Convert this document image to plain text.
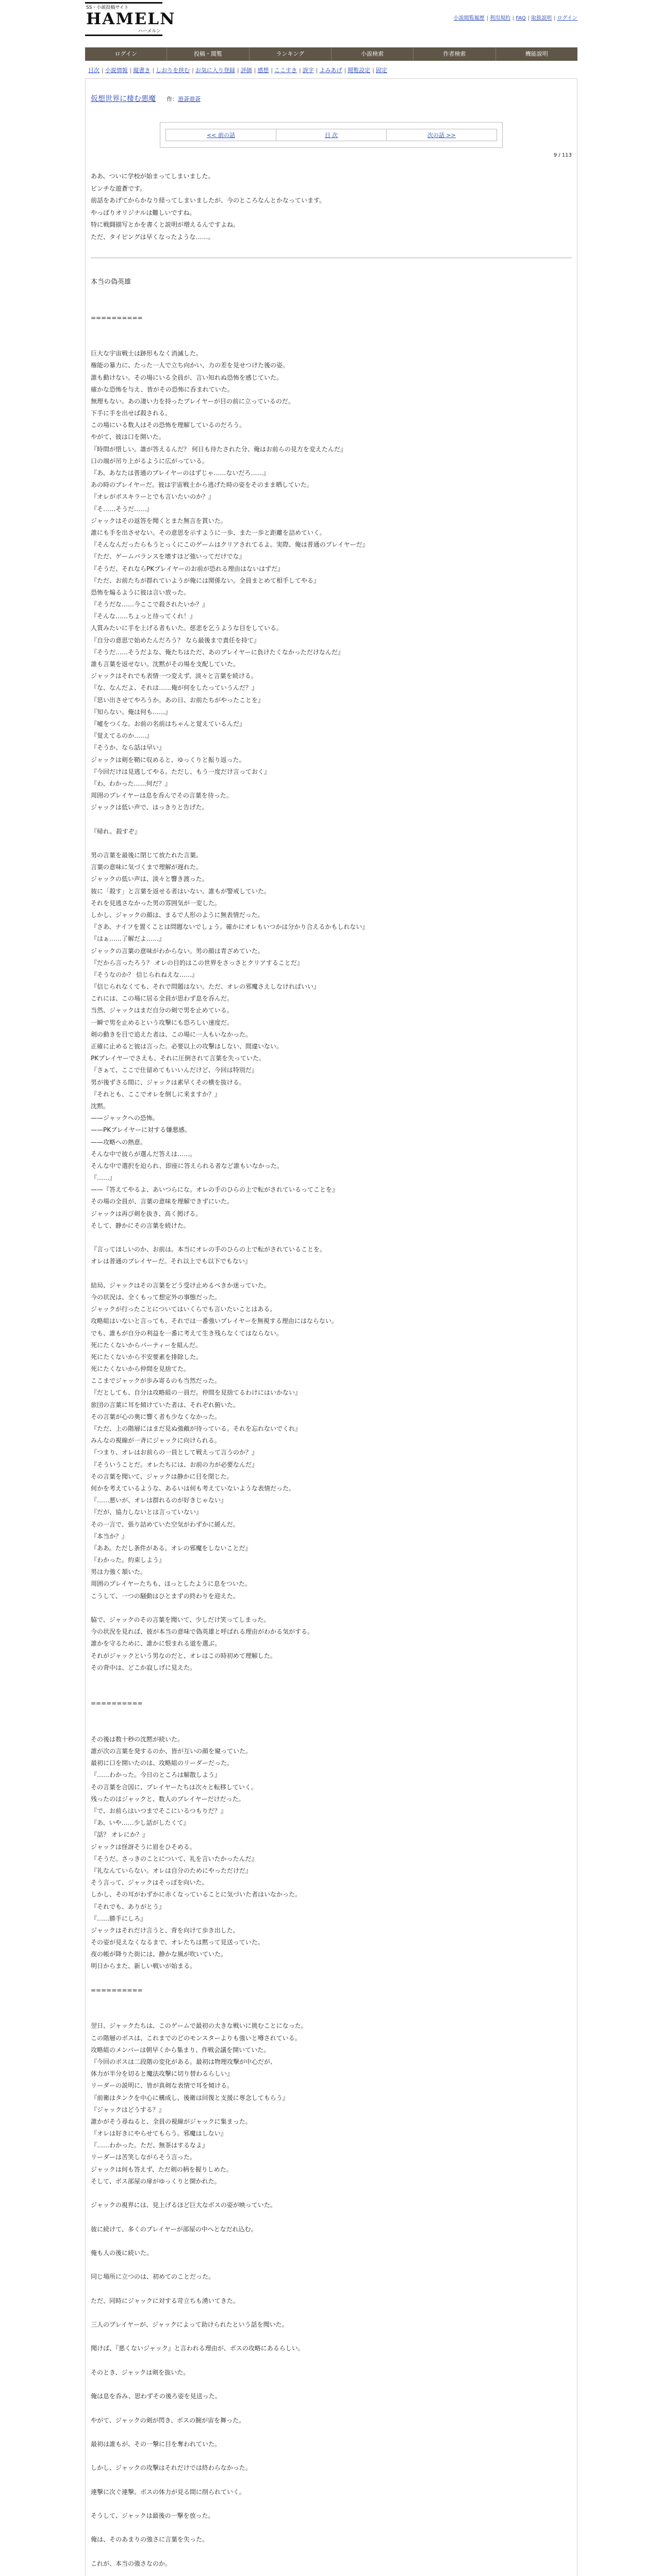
SS・小説投稿サイト
HAMELN
ハーメルン
小説閲覧履歴 | 利用規約 | FAQ | 取扱説明 | ログイン
ログイン	投稿・閲覧	ランキング	小説検索	作者検索	機能説明
目次 | 小説情報 | 縦書き | しおりを挟む | お気に入り登録 | 評価 | 感想 | ここすき | 誤字 | よみあげ | 閲覧設定 | 固定
仮想世界に棲む悪魔 作：遊蒼遊蒼
<< 前の話	目 次	次の話 >>
9 / 113
ああ、ついに学校が始まってしまいました。
ピンチな遊蒼です。
前話をあげてからかなり経ってしまいましたが、今のところなんとかなっています。
やっぱりオリジナルは難しいですね。
特に戦闘描写とかを書くと説明が増えるんですよね。
ただ、タイピングは早くなったような……。
本当の偽英雄
==========
巨大な宇宙戦士は跡形もなく消滅した。
権能の暴力に、たった一人で立ち向かい、力の差を見せつけた後の姿。
誰も動けない。その場にいる全員が、言い知れぬ恐怖を感じていた。
確かな恐怖を与え、皆がその恐怖に呑まれていた。
無理もない。あの凄い力を持ったプレイヤーが目の前に立っているのだ。
下手に手を出せば殺される。
この場にいる数人はその恐怖を理解しているのだろう。
やがて、彼は口を開いた。
『時間が惜しい。誰が答えるんだ？ 何日も待たされた分、俺はお前らの見方を変えたんだ』
口の端が吊り上がるように広がっている。
『あ、あなたは普通のプレイヤーのはずじゃ……ないだろ……』
あの時のプレイヤーだ。彼は宇宙戦士から逃げた時の姿をそのまま晒していた。
『オレがボスキラーとでも言いたいのか？』
『そ……そうだ……』
ジャックはその返答を聞くとまた無言を貫いた。
誰にも手を出させない。その意思を示すように一歩、また一歩と距離を詰めていく。
『そんなんだったらもうとっくにこのゲームはクリアされてるよ。実際、俺は普通のプレイヤーだ』
『ただ、ゲームバランスを壊すほど強いってだけでな』
『そうだ、それならPKプレイヤーのお前が恐れる理由はないはずだ』
『ただ、お前たちが群れていようが俺には関係ない。全員まとめて相手してやる』
恐怖を煽るように彼は言い放った。
『そうだな……今ここで殺されたいか？』
『そんな……ちょっと待ってくれ！』
人質みたいに手を上げる者もいた。慈悲を乞うような目をしている。
『自分の意思で始めたんだろう？ なら最後まで責任を持て』
『そうだ……そうだよな、俺たちはただ、あのプレイヤーに負けたくなかっただけなんだ』
誰も言葉を返せない。沈黙がその場を支配していた。
ジャックはそれでも表情一つ変えず、淡々と言葉を続ける。
『な、なんだよ、それは……俺が何をしたっていうんだ？』
『思い出させてやろうか。あの日、お前たちがやったことを』
『知らない。俺は何も……』
『嘘をつくな。お前の名前はちゃんと覚えているんだ』
『覚えてるのか……』
『そうか、なら話は早い』
ジャックは剣を鞘に収めると、ゆっくりと振り返った。
『今回だけは見逃してやる。ただし、もう一度だけ言っておく』
『わ、わかった……何だ？』
周囲のプレイヤーは息を呑んでその言葉を待った。
ジャックは低い声で、はっきりと告げた。
『帰れ。殺すぞ』
男の言葉を最後に閉じて放たれた言葉。
言葉の意味に気づくまで理解が遅れた。
ジャックの低い声は、淡々と響き渡った。
彼に「殺す」と言葉を返せる者はいない。誰もが警戒していた。
それを見逃さなかった男の雰囲気が一変した。
しかし、ジャックの顔は、まるで人形のように無表情だった。
『さあ、ナイフを置くことは問題ないでしょう。確かにオレもいつかは分かり合えるかもしれない』
『はぁ……了解だよ……』
ジャックの言葉の意味がわからない。男の顔は青ざめていた。
『だから言ったろう？ オレの目的はこの世界をさっさとクリアすることだ』
『そうなのか？ 信じられねえな……』
『信じられなくても、それで問題はない。ただ、オレの邪魔さえしなければいい』
これには、この場に居る全員が思わず息を呑んだ。
当然、ジャックはまだ自分の剣で男を止めている。
一瞬で男を止めるという攻撃にも恐ろしい速度だ。
剣の動きを目で追えた者は、この場に一人もいなかった。
正確に止めると彼は言った。必要以上の攻撃はしない、間違いない。
PKプレイヤーでさえも、それに圧倒されて言葉を失っていた。
『さぁて、ここで仕留めてもいいんだけど、今回は特別だ』
男が後ずさる間に、ジャックは素早くその横を抜ける。
『それとも、ここでオレを倒しに来ますか？』
沈黙。
——ジャックへの恐怖。
——PKプレイヤーに対する嫌悪感。
——攻略への熱意。
そんな中で彼らが選んだ答えは……。
そんな中で選択を迫られ、即座に答えられる者など誰もいなかった。
『……』
——『答えてやるよ、あいつらにな。オレの手のひらの上で転がされているってことを』
その場の全員が、言葉の意味を理解できずにいた。
ジャックは再び剣を抜き、高く掲げる。
そして、静かにその言葉を続けた。
『言ってほしいのか、お前は。本当にオレの手のひらの上で転がされていることを。
オレは普通のプレイヤーだ。それ以上でも以下でもない』
結局、ジャックはその言葉をどう受け止めるべきか迷っていた。
今の状況は、全くもって想定外の事態だった。
ジャックが行ったことについてはいくらでも言いたいことはある。
攻略組はいないと言っても、それでは一番強いプレイヤーを無視する理由にはならない。
でも、誰もが自分の利益を一番に考えて生き残らなくてはならない。
死にたくないからパーティーを組んだ。
死にたくないから不安要素を排除した。
死にたくないから仲間を見捨てた。
ここまでジャックが歩み寄るのも当然だった。
『だとしても、自分は攻略組の一員だ。仲間を見捨てるわけにはいかない』
旅団の言葉に耳を傾けていた者は、それぞれ俯いた。
その言葉が心の奥に響く者も少なくなかった。
『ただ、上の階層にはまだ見ぬ強敵が待っている。それを忘れないでくれ』
みんなの視線が一斉にジャックに向けられる。
『つまり、オレはお前らの一員として戦えって言うのか？』
『そういうことだ。オレたちには、お前の力が必要なんだ』
その言葉を聞いて、ジャックは静かに目を閉じた。
何かを考えているような、あるいは何も考えていないような表情だった。
『……悪いが、オレは群れるのが好きじゃない』
『だが、協力しないとは言っていない』
その一言で、張り詰めていた空気がわずかに緩んだ。
『本当か？』
『ああ。ただし条件がある。オレの邪魔をしないことだ』
『わかった。約束しよう』
男は力強く頷いた。
周囲のプレイヤーたちも、ほっとしたように息をついた。
こうして、一つの騒動はひとまずの終わりを迎えた。
脇で、ジャックのその言葉を聞いて、少しだけ笑ってしまった。
今の状況を見れば、彼が本当の意味で偽英雄と呼ばれる理由がわかる気がする。
誰かを守るために、誰かに恨まれる道を選ぶ。
それがジャックという男なのだと、オレはこの時初めて理解した。
その背中は、どこか寂しげに見えた。
==========
その後は数十秒の沈黙が続いた。
誰が次の言葉を発するのか、皆が互いの顔を窺っていた。
最初に口を開いたのは、攻略組のリーダーだった。
『……わかった。今日のところは解散しよう』
その言葉を合図に、プレイヤーたちは次々と転移していく。
残ったのはジャックと、数人のプレイヤーだけだった。
『で、お前らはいつまでそこにいるつもりだ？』
『あ、いや……少し話がしたくて』
『話？ オレにか？』
ジャックは怪訝そうに眉をひそめる。
『そうだ。さっきのことについて、礼を言いたかったんだ』
『礼なんていらない。オレは自分のためにやっただけだ』
そう言って、ジャックはそっぽを向いた。
しかし、その耳がわずかに赤くなっていることに気づいた者はいなかった。
『それでも、ありがとう』
『……勝手にしろ』
ジャックはそれだけ言うと、背を向けて歩き出した。
その姿が見えなくなるまで、オレたちは黙って見送っていた。
夜の帳が降りた街には、静かな風が吹いていた。
明日からまた、新しい戦いが始まる。
==========
翌日、ジャックたちは、このゲームで最初の大きな戦いに挑むことになった。
この階層のボスは、これまでのどのモンスターよりも強いと噂されている。
攻略組のメンバーは朝早くから集まり、作戦会議を開いていた。
『今回のボスは二段階の変化がある。最初は物理攻撃が中心だが、
体力が半分を切ると魔法攻撃に切り替わるらしい』
リーダーの説明に、皆が真剣な表情で耳を傾ける。
『前衛はタンクを中心に構成し、後衛は回復と支援に専念してもらう』
『ジャックはどうする？』
誰かがそう尋ねると、全員の視線がジャックに集まった。
『オレは好きにやらせてもらう。邪魔はしない』
『……わかった。ただ、無茶はするなよ』
リーダーは苦笑しながらそう言った。
ジャックは何も答えず、ただ剣の柄を握りしめた。
そして、ボス部屋の扉がゆっくりと開かれた。
ジャックの視界には、見上げるほど巨大なボスの姿が映っていた。
彼に続けて、多くのプレイヤーが部屋の中へとなだれ込む。
俺も人の後に続いた。
同じ場所に立つのは、初めてのことだった。
ただ、同時にジャックに対する苛立ちも湧いてきた。
三人のプレイヤーが、ジャックによって助けられたという話を聞いた。
聞けば、『悪くないジャック』と言われる理由が、ボスの攻略にあるらしい。
そのとき、ジャックは剣を抜いた。
俺は息を呑み、思わずその後ろ姿を見送った。
やがて、ジャックの剣が閃き、ボスの腕が宙を舞った。
最初は誰もが、その一撃に目を奪われていた。
しかし、ジャックの攻撃はそれだけでは終わらなかった。
連撃に次ぐ連撃。ボスの体力が見る間に削られていく。
そうして、ジャックは最後の一撃を放った。
俺は、そのあまりの強さに言葉を失った。
これが、本当の強さなのか。
